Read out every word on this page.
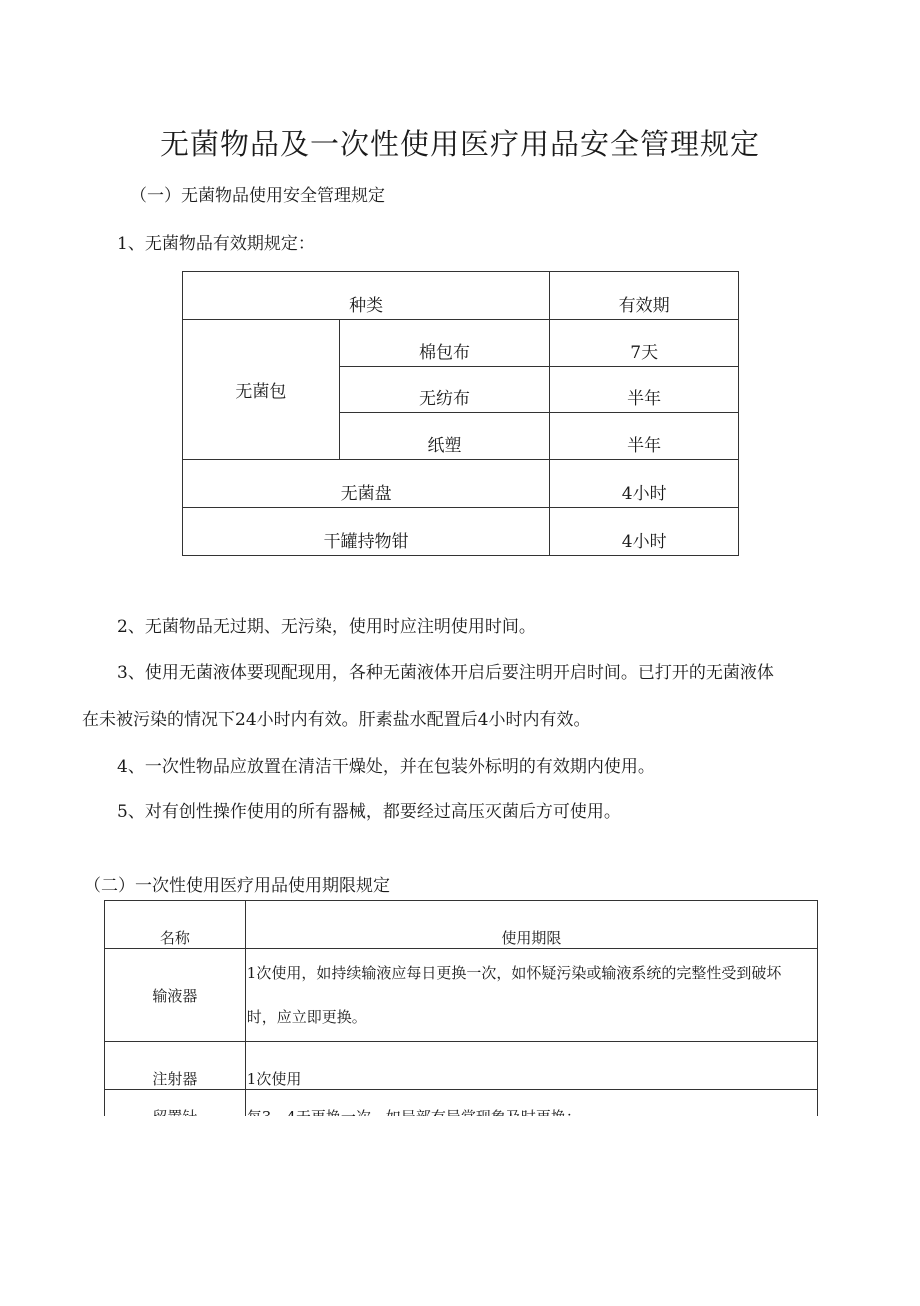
无菌物品及一次性使用医疗用品安全管理规定
（一）无菌物品使用安全管理规定
1、无菌物品有效期规定：
种类		有效期
无菌包	棉包布	7天
	无纺布	半年
	纸塑	半年
无菌盘		4小时
干罐持物钳		4小时
2、无菌物品无过期、无污染，使用时应注明使用时间。
3、使用无菌液体要现配现用，各种无菌液体开启后要注明开启时间。已打开的无菌液体
在未被污染的情况下24小时内有效。肝素盐水配置后4小时内有效。
4、一次性物品应放置在清洁干燥处，并在包装外标明的有效期内使用。
5、对有创性操作使用的所有器械，都要经过高压灭菌后方可使用。
（二）一次性使用医疗用品使用期限规定
名称	使用期限
输液器	1次使用，如持续输液应每日更换一次，如怀疑污染或输液系统的完整性受到破坏
时，应立即更换。

注射器	1次使用
